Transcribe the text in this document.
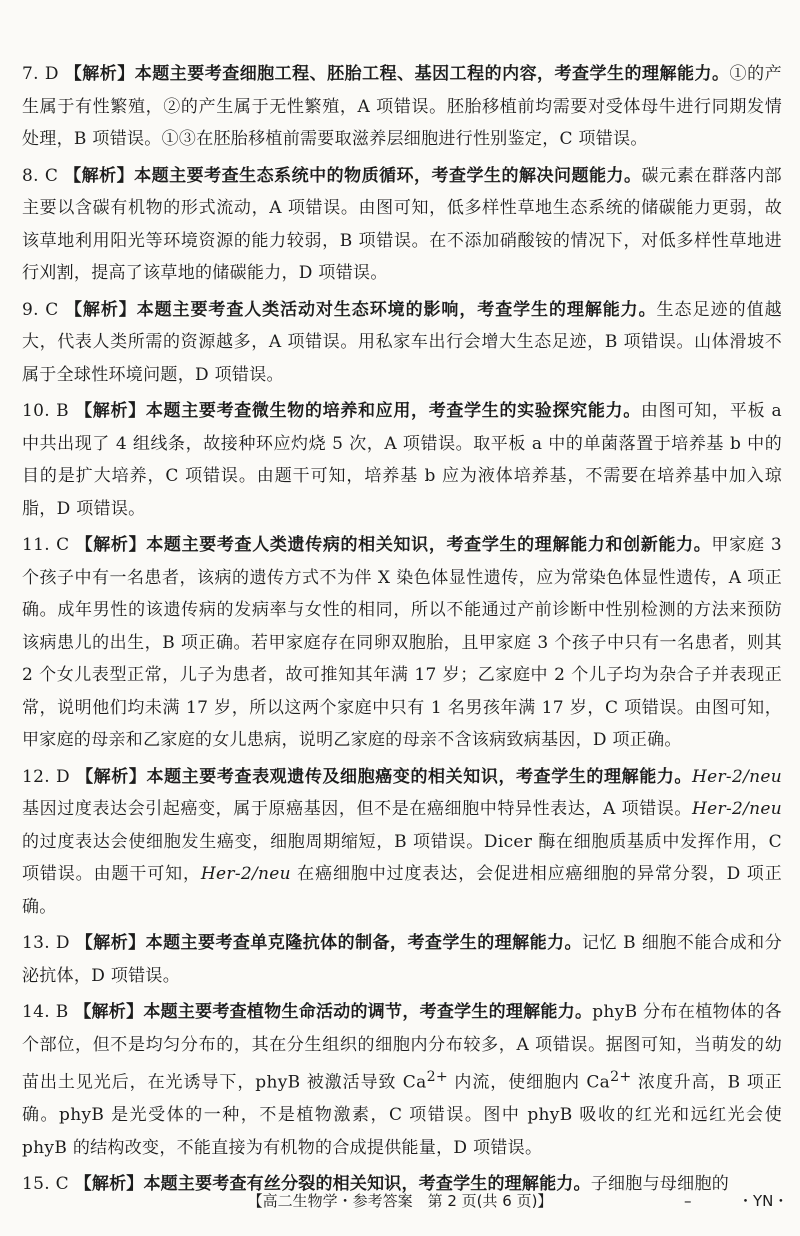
7. D 【解析】本题主要考查细胞工程、胚胎工程、基因工程的内容，考查学生的理解能力。①的产生属于有性繁殖，②的产生属于无性繁殖，A 项错误。胚胎移植前均需要对受体母牛进行同期发情处理，B 项错误。①③在胚胎移植前需要取滋养层细胞进行性别鉴定，C 项错误。

8. C 【解析】本题主要考查生态系统中的物质循环，考查学生的解决问题能力。碳元素在群落内部主要以含碳有机物的形式流动，A 项错误。由图可知，低多样性草地生态系统的储碳能力更弱，故该草地利用阳光等环境资源的能力较弱，B 项错误。在不添加硝酸铵的情况下，对低多样性草地进行刈割，提高了该草地的储碳能力，D 项错误。

9. C 【解析】本题主要考查人类活动对生态环境的影响，考查学生的理解能力。生态足迹的值越大，代表人类所需的资源越多，A 项错误。用私家车出行会增大生态足迹，B 项错误。山体滑坡不属于全球性环境问题，D 项错误。

10. B 【解析】本题主要考查微生物的培养和应用，考查学生的实验探究能力。由图可知，平板 a 中共出现了 4 组线条，故接种环应灼烧 5 次，A 项错误。取平板 a 中的单菌落置于培养基 b 中的目的是扩大培养，C 项错误。由题干可知，培养基 b 应为液体培养基，不需要在培养基中加入琼脂，D 项错误。

11. C 【解析】本题主要考查人类遗传病的相关知识，考查学生的理解能力和创新能力。甲家庭 3 个孩子中有一名患者，该病的遗传方式不为伴 X 染色体显性遗传，应为常染色体显性遗传，A 项正确。成年男性的该遗传病的发病率与女性的相同，所以不能通过产前诊断中性别检测的方法来预防该病患儿的出生，B 项正确。若甲家庭存在同卵双胞胎，且甲家庭 3 个孩子中只有一名患者，则其 2 个女儿表型正常，儿子为患者，故可推知其年满 17 岁；乙家庭中 2 个儿子均为杂合子并表现正常，说明他们均未满 17 岁，所以这两个家庭中只有 1 名男孩年满 17 岁，C 项错误。由图可知，甲家庭的母亲和乙家庭的女儿患病，说明乙家庭的母亲不含该病致病基因，D 项正确。

12. D 【解析】本题主要考查表观遗传及细胞癌变的相关知识，考查学生的理解能力。Her-2/neu 基因过度表达会引起癌变，属于原癌基因，但不是在癌细胞中特异性表达，A 项错误。Her-2/neu 的过度表达会使细胞发生癌变，细胞周期缩短，B 项错误。Dicer 酶在细胞质基质中发挥作用，C 项错误。由题干可知，Her-2/neu 在癌细胞中过度表达，会促进相应癌细胞的异常分裂，D 项正确。

13. D 【解析】本题主要考查单克隆抗体的制备，考查学生的理解能力。记忆 B 细胞不能合成和分泌抗体，D 项错误。

14. B 【解析】本题主要考查植物生命活动的调节，考查学生的理解能力。phyB 分布在植物体的各个部位，但不是均匀分布的，其在分生组织的细胞内分布较多，A 项错误。据图可知，当萌发的幼苗出土见光后，在光诱导下，phyB 被激活导致 $Ca^{2+}$ 内流，使细胞内 $Ca^{2+}$ 浓度升高，B 项正确。phyB 是光受体的一种，不是植物激素，C 项错误。图中 phyB 吸收的红光和远红光会使 phyB 的结构改变，不能直接为有机物的合成提供能量，D 项错误。

15. C 【解析】本题主要考查有丝分裂的相关知识，考查学生的理解能力。子细胞与母细胞的

【高二生物学・参考答案　第 2 页(共 6 页)】	–	・YN・
